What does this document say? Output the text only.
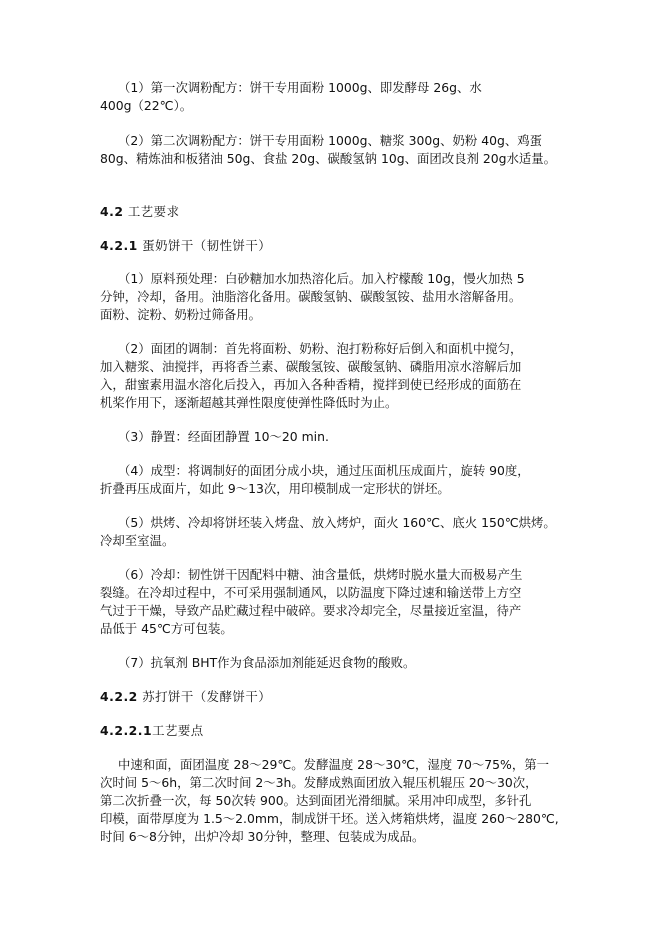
（1）第一次调粉配方：饼干专用面粉 1000g、即发酵母 26g、水

400g（22℃）。

（2）第二次调粉配方：饼干专用面粉 1000g、糖浆 300g、奶粉 40g、鸡蛋

80g、精炼油和板猪油 50g、食盐 20g、碳酸氢钠 10g、面团改良剂 20g水适量。

4.2 工艺要求

4.2.1 蛋奶饼干（韧性饼干）

（1）原料预处理：白砂糖加水加热溶化后。加入柠檬酸 10g，慢火加热 5

分钟，冷却，备用。油脂溶化备用。碳酸氢钠、碳酸氢铵、盐用水溶解备用。

面粉、淀粉、奶粉过筛备用。

（2）面团的调制：首先将面粉、奶粉、泡打粉称好后倒入和面机中搅匀，

加入糖浆、油搅拌，再将香兰素、碳酸氢铵、碳酸氢钠、磷脂用凉水溶解后加

入，甜蜜素用温水溶化后投入，再加入各种香精，搅拌到使已经形成的面筋在

机桨作用下，逐渐超越其弹性限度使弹性降低时为止。

（3）静置：经面团静置 10～20 min.

（4）成型：将调制好的面团分成小块，通过压面机压成面片，旋转 90度，

折叠再压成面片，如此 9～13次，用印模制成一定形状的饼坯。

（5）烘烤、冷却将饼坯装入烤盘、放入烤炉，面火 160℃、底火 150℃烘烤。

冷却至室温。

（6）冷却：韧性饼干因配料中糖、油含量低，烘烤时脱水量大而极易产生

裂缝。在冷却过程中，不可采用强制通风，以防温度下降过速和输送带上方空

气过于干燥，导致产品贮藏过程中破碎。要求冷却完全，尽量接近室温，待产

品低于 45℃方可包装。

（7）抗氧剂 BHT作为食品添加剂能延迟食物的酸败。

4.2.2 苏打饼干（发酵饼干）

4.2.2.1工艺要点

中速和面，面团温度 28～29℃。发酵温度 28～30℃，湿度 70～75%，第一

次时间 5～6h，第二次时间 2～3h。发酵成熟面团放入辊压机辊压 20～30次，

第二次折叠一次，每 50次转 900。达到面团光滑细腻。采用冲印成型，多针孔

印模，面带厚度为 1.5～2.0mm，制成饼干坯。送入烤箱烘烤，温度 260～280℃,

时间 6～8分钟，出炉冷却 30分钟，整理、包装成为成品。
